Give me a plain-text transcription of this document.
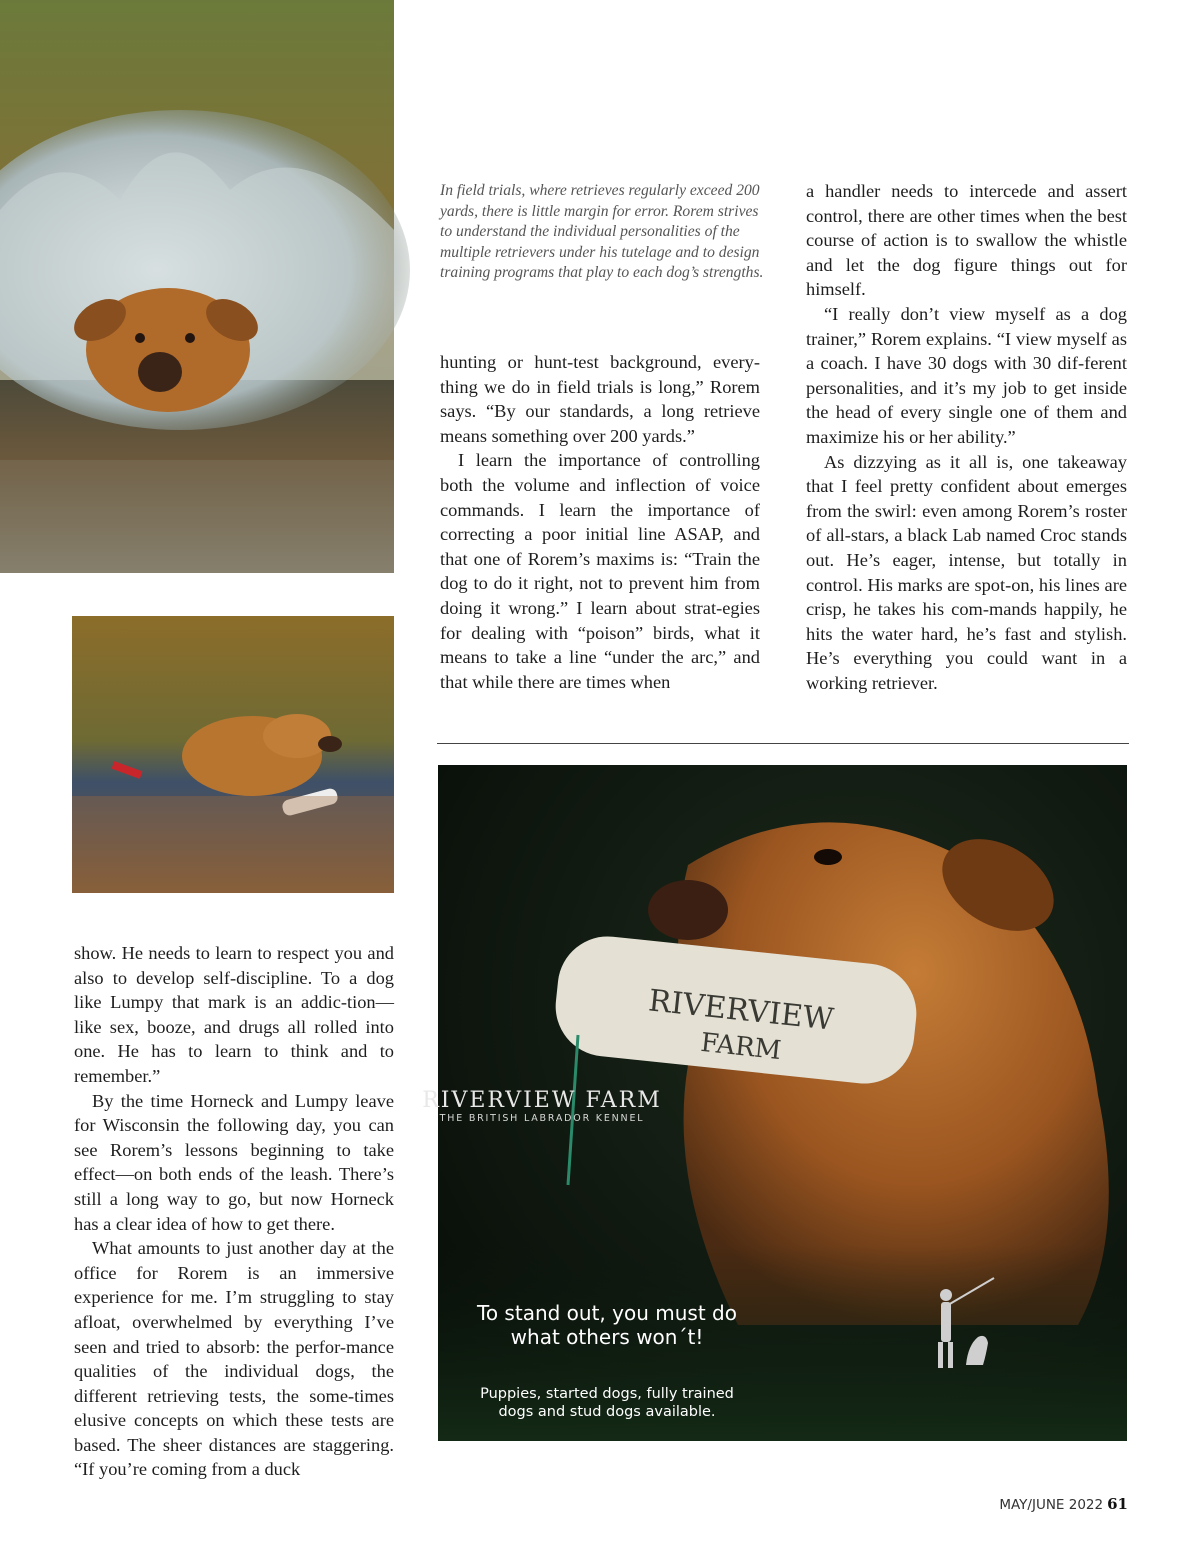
In field trials, where retrieves regularly exceed 200 yards, there is little margin for error. Rorem strives to understand the individual personalities of the multiple retrievers under his tutelage and to design training programs that play to each dog’s strengths.

hunting or hunt-test background, every-thing we do in field trials is long,” Rorem says. “By our standards, a long retrieve means something over 200 yards.”

I learn the importance of controlling both the volume and inflection of voice commands. I learn the importance of correcting a poor initial line ASAP, and that one of Rorem’s maxims is: “Train the dog to do it right, not to prevent him from doing it wrong.” I learn about strat-egies for dealing with “poison” birds, what it means to take a line “under the arc,” and that while there are times when

a handler needs to intercede and assert control, there are other times when the best course of action is to swallow the whistle and let the dog figure things out for himself.

“I really don’t view myself as a dog trainer,” Rorem explains. “I view myself as a coach. I have 30 dogs with 30 dif-ferent personalities, and it’s my job to get inside the head of every single one of them and maximize his or her ability.”

As dizzying as it all is, one takeaway that I feel pretty confident about emerges from the swirl: even among Rorem’s roster of all-stars, a black Lab named Croc stands out. He’s eager, intense, but totally in control. His marks are spot-on, his lines are crisp, he takes his com-mands happily, he hits the water hard, he’s fast and stylish. He’s everything you could want in a working retriever.

show. He needs to learn to respect you and also to develop self-discipline. To a dog like Lumpy that mark is an addic-tion—like sex, booze, and drugs all rolled into one. He has to learn to think and to remember.”

By the time Horneck and Lumpy leave for Wisconsin the following day, you can see Rorem’s lessons beginning to take effect—on both ends of the leash. There’s still a long way to go, but now Horneck has a clear idea of how to get there.

What amounts to just another day at the office for Rorem is an immersive experience for me. I’m struggling to stay afloat, overwhelmed by everything I’ve seen and tried to absorb: the perfor-mance qualities of the individual dogs, the different retrieving tests, the some-times elusive concepts on which these tests are based. The sheer distances are staggering. “If you’re coming from a duck

RIVERVIEW
FARM
To stand out, you must do
what others won´t!
Puppies, started dogs, fully trained
dogs and stud dogs available.
office@riverviewfarm-kennel.com
www.riverviewfarm-kennel.com
RIVERVIEW FARM
THE BRITISH LABRADOR KENNEL
MAY/JUNE 2022 61
